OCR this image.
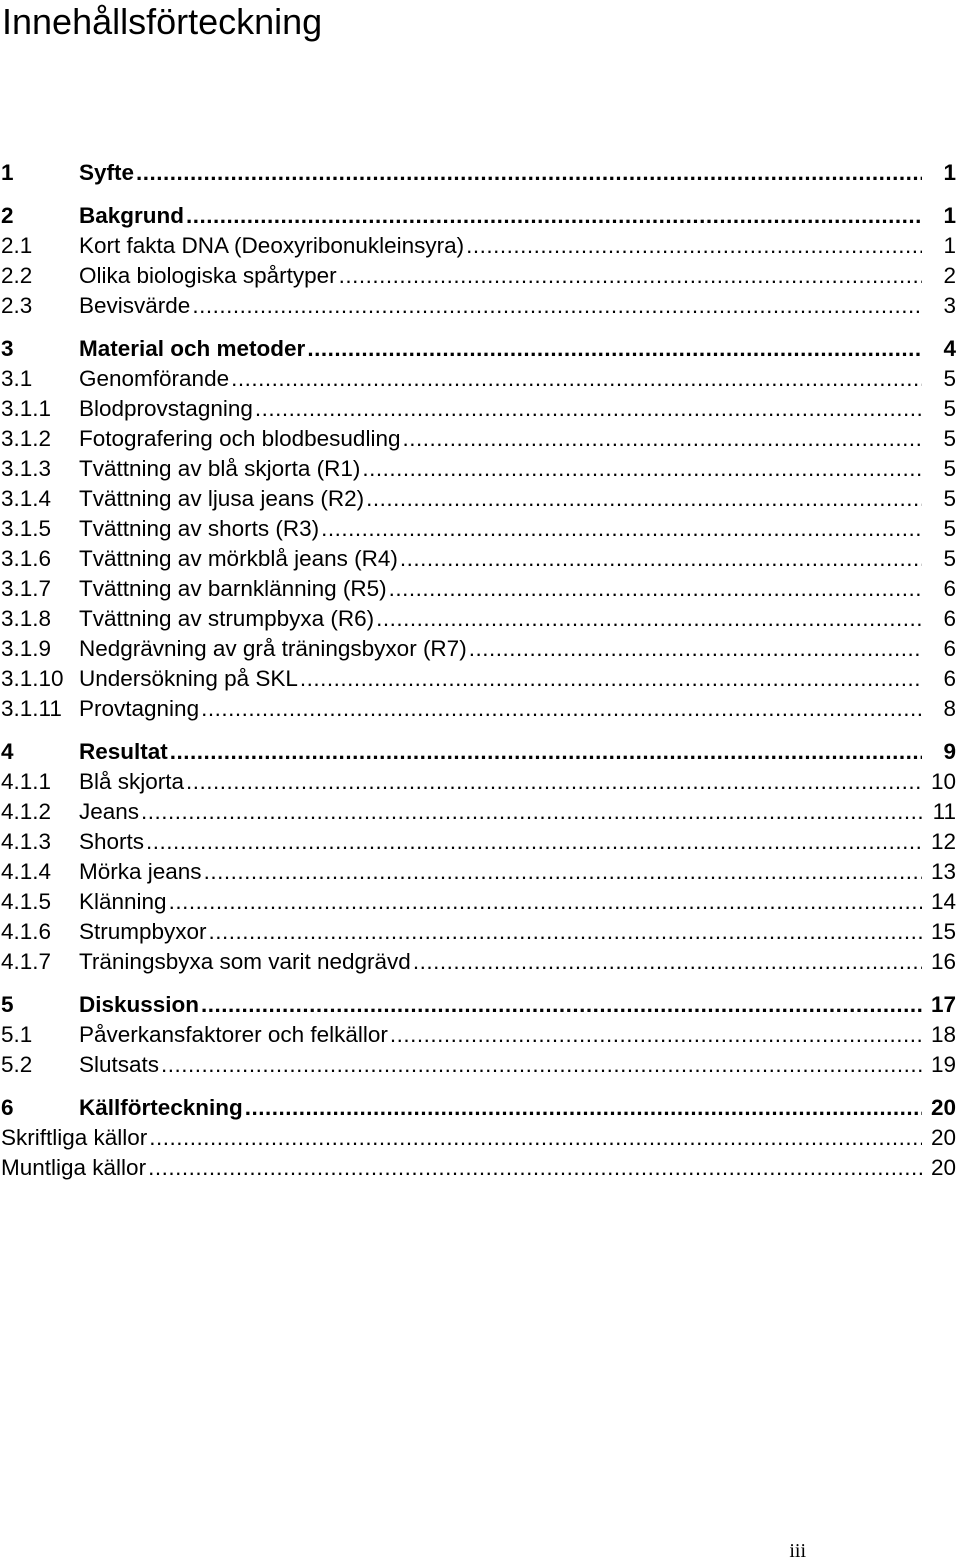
Innehållsförteckning
1	Syfte .....	1
2	Bakgrund .....	1
2.1	Kort fakta DNA (Deoxyribonukleinsyra) .....	1
2.2	Olika biologiska spårtyper .....	2
2.3	Bevisvärde .....	3
3	Material och metoder .....	4
3.1	Genomförande .....	5
3.1.1	Blodprovstagning .....	5
3.1.2	Fotografering och blodbesudling .....	5
3.1.3	Tvättning av blå skjorta (R1) .....	5
3.1.4	Tvättning av ljusa jeans (R2) .....	5
3.1.5	Tvättning av shorts (R3) .....	5
3.1.6	Tvättning av mörkblå jeans (R4) .....	5
3.1.7	Tvättning av barnklänning (R5) .....	6
3.1.8	Tvättning av strumpbyxa (R6) .....	6
3.1.9	Nedgrävning av grå träningsbyxor (R7) .....	6
3.1.10 Undersökning på SKL .....	6
3.1.11 Provtagning .....	8
4	Resultat .....	9
4.1.1	Blå skjorta .....	10
4.1.2	Jeans .....	11
4.1.3	Shorts .....	12
4.1.4	Mörka jeans .....	13
4.1.5	Klänning .....	14
4.1.6	Strumpbyxor .....	15
4.1.7	Träningsbyxa som varit nedgrävd .....	16
5	Diskussion .....	17
5.1	Påverkansfaktorer och felkällor .....	18
5.2	Slutsats .....	19
6	Källförteckning .....	20
Skriftliga källor .....	20
Muntliga källor .....	20
iii
